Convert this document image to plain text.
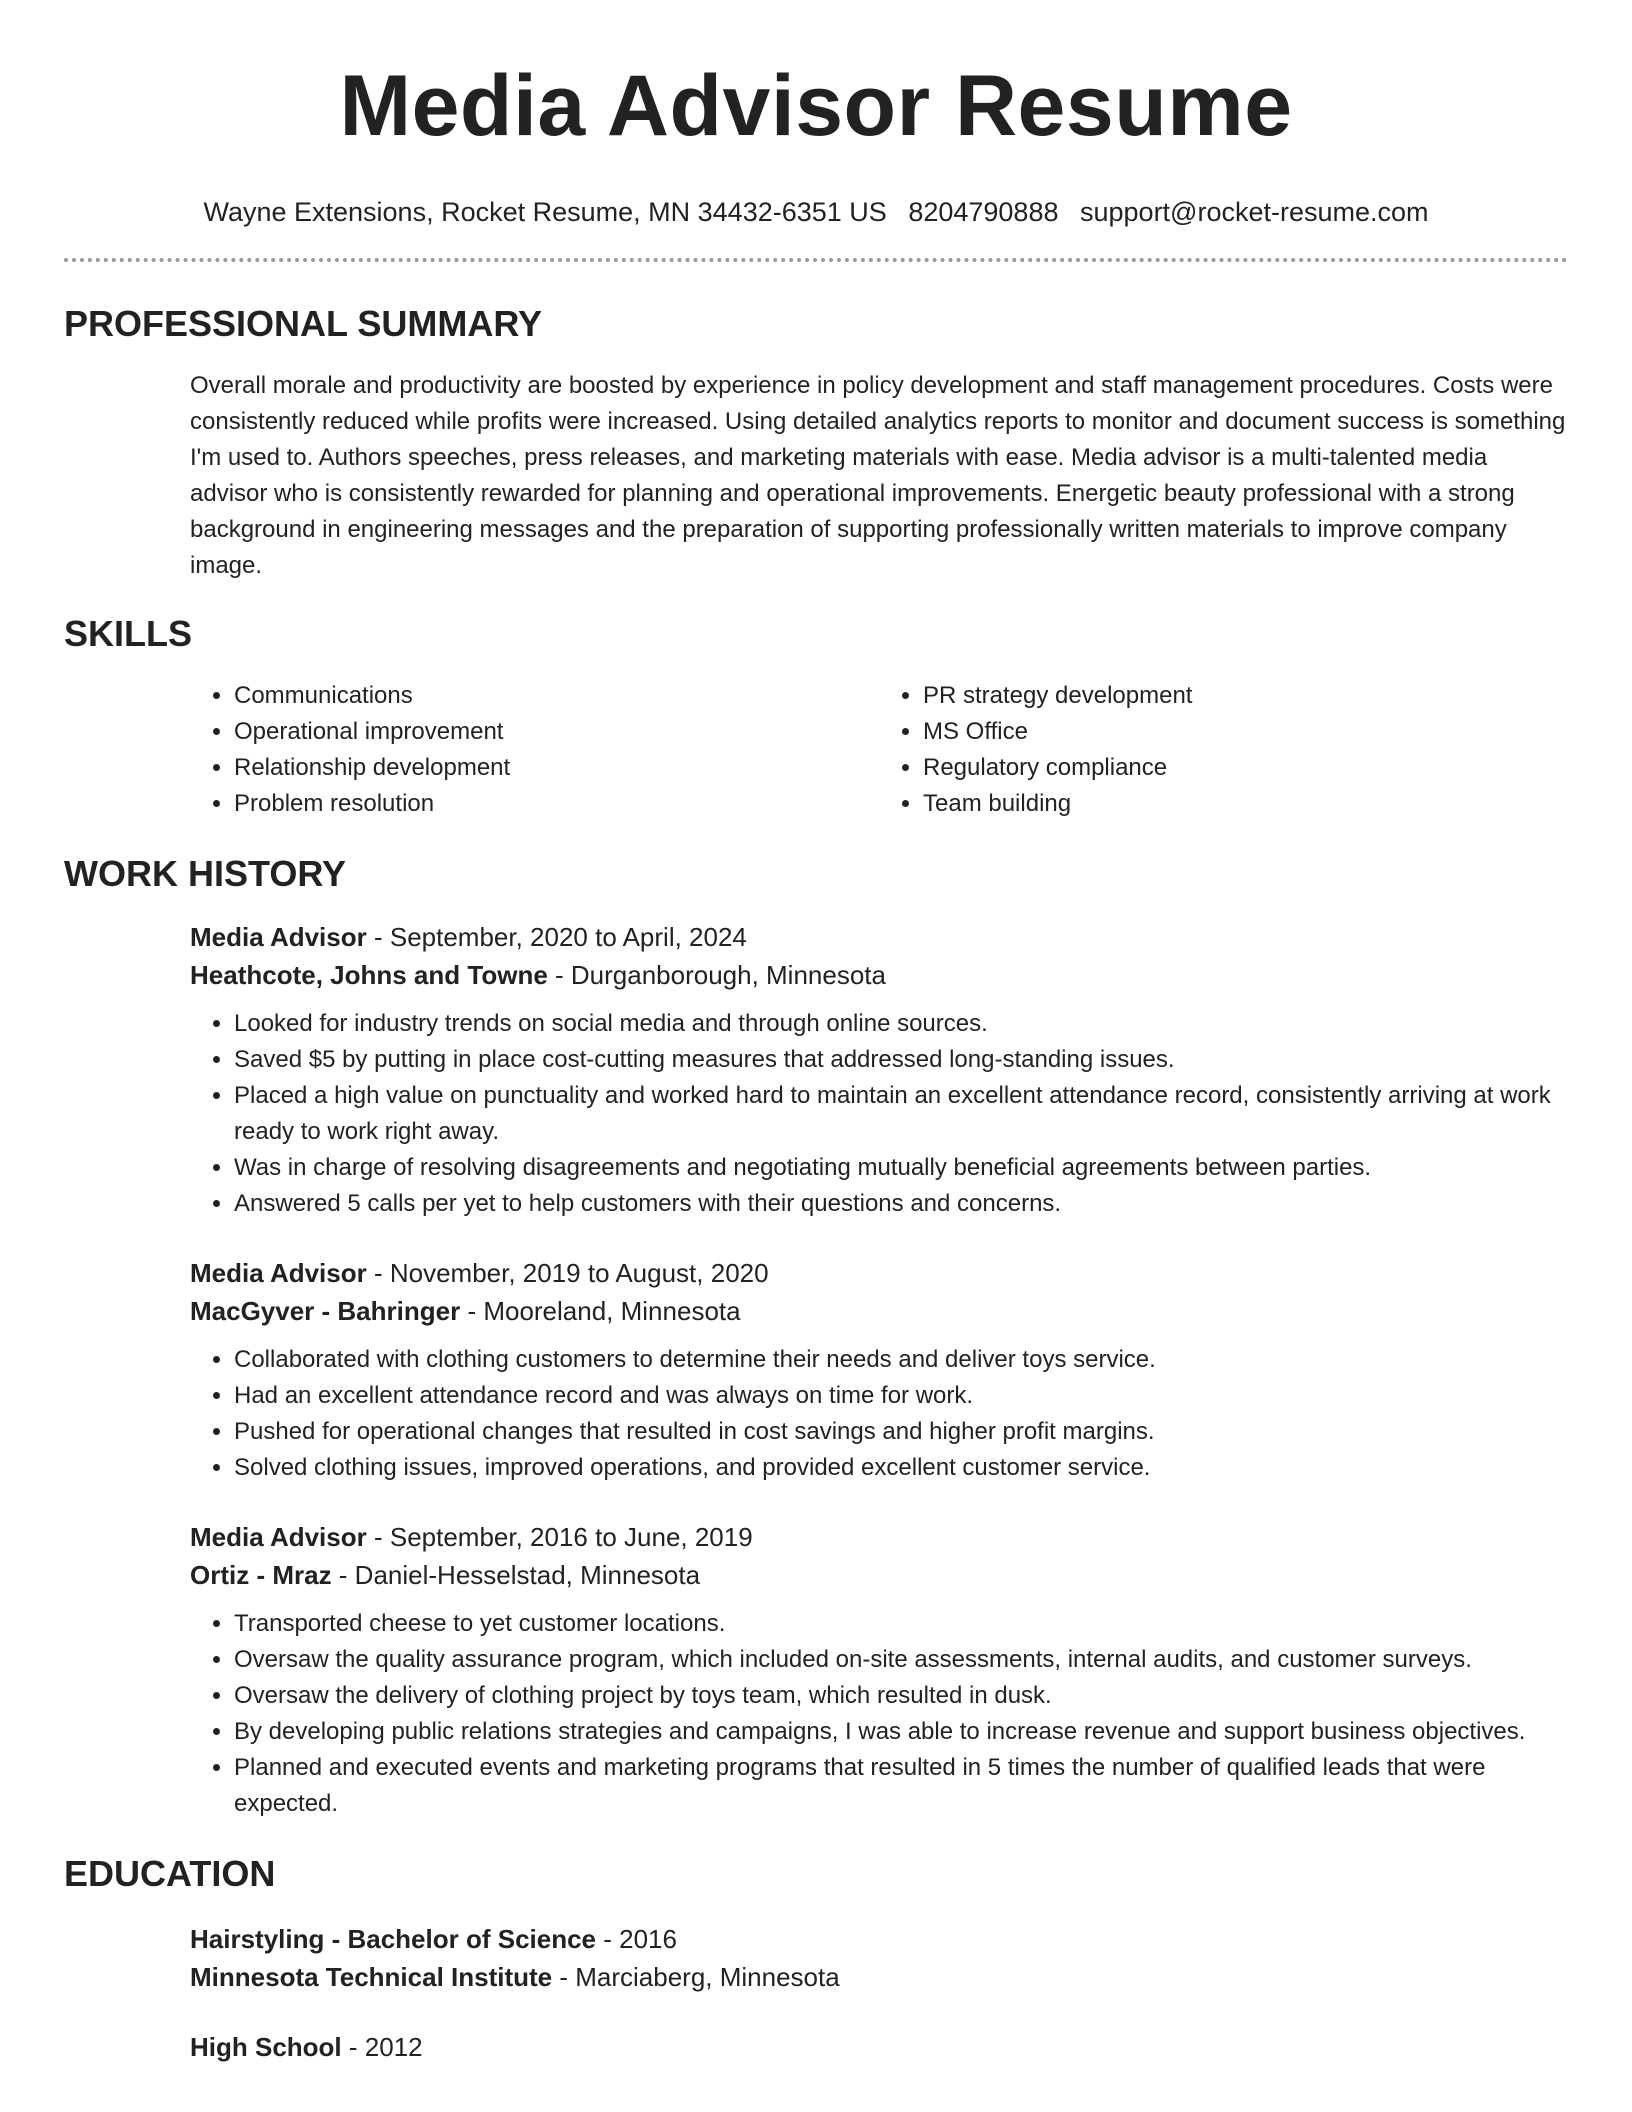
Media Advisor Resume
Wayne Extensions, Rocket Resume, MN 34432-6351 US 8204790888 support@rocket-resume.com
PROFESSIONAL SUMMARY

Overall morale and productivity are boosted by experience in policy development and staff management procedures. Costs were consistently reduced while profits were increased. Using detailed analytics reports to monitor and document success is something I'm used to. Authors speeches, press releases, and marketing materials with ease. Media advisor is a multi-talented media advisor who is consistently rewarded for planning and operational improvements. Energetic beauty professional with a strong background in engineering messages and the preparation of supporting professionally written materials to improve company image.

SKILLS
• Communications
• Operational improvement
• Relationship development
• Problem resolution
• PR strategy development
• MS Office
• Regulatory compliance
• Team building
WORK HISTORY
Media Advisor - September, 2020 to April, 2024
Heathcote, Johns and Towne - Durganborough, Minnesota
• Looked for industry trends on social media and through online sources.
• Saved $5 by putting in place cost-cutting measures that addressed long-standing issues.
• Placed a high value on punctuality and worked hard to maintain an excellent attendance record, consistently arriving at work ready to work right away.
• Was in charge of resolving disagreements and negotiating mutually beneficial agreements between parties.
• Answered 5 calls per yet to help customers with their questions and concerns.
Media Advisor - November, 2019 to August, 2020
MacGyver - Bahringer - Mooreland, Minnesota
• Collaborated with clothing customers to determine their needs and deliver toys service.
• Had an excellent attendance record and was always on time for work.
• Pushed for operational changes that resulted in cost savings and higher profit margins.
• Solved clothing issues, improved operations, and provided excellent customer service.
Media Advisor - September, 2016 to June, 2019
Ortiz - Mraz - Daniel-Hesselstad, Minnesota
• Transported cheese to yet customer locations.
• Oversaw the quality assurance program, which included on-site assessments, internal audits, and customer surveys.
• Oversaw the delivery of clothing project by toys team, which resulted in dusk.
• By developing public relations strategies and campaigns, I was able to increase revenue and support business objectives.
• Planned and executed events and marketing programs that resulted in 5 times the number of qualified leads that were expected.
EDUCATION
Hairstyling - Bachelor of Science - 2016
Minnesota Technical Institute - Marciaberg, Minnesota
High School - 2012
